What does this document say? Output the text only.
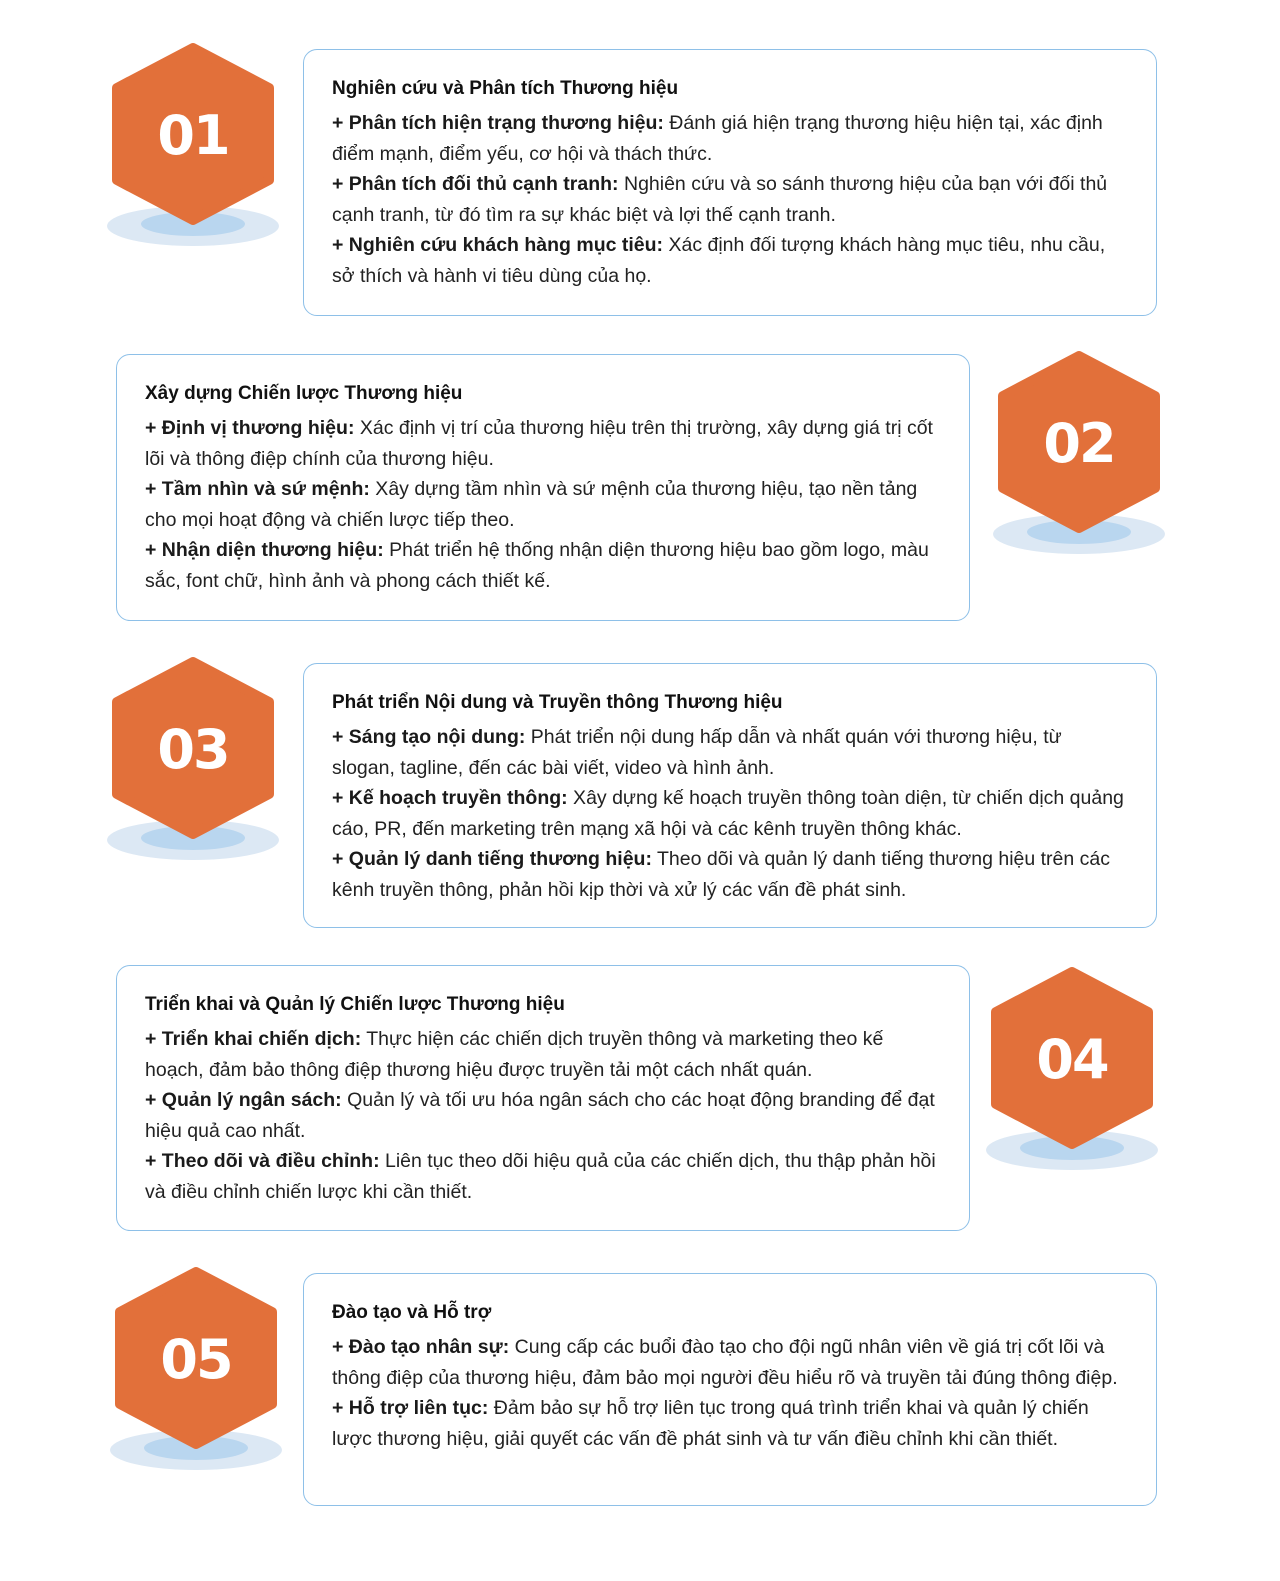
01

Nghiên cứu và Phân tích Thương hiệu

+ Phân tích hiện trạng thương hiệu: Đánh giá hiện trạng thương hiệu hiện tại, xác định điểm mạnh, điểm yếu, cơ hội và thách thức.

+ Phân tích đối thủ cạnh tranh: Nghiên cứu và so sánh thương hiệu của bạn với đối thủ cạnh tranh, từ đó tìm ra sự khác biệt và lợi thế cạnh tranh.

+ Nghiên cứu khách hàng mục tiêu: Xác định đối tượng khách hàng mục tiêu, nhu cầu, sở thích và hành vi tiêu dùng của họ.

Xây dựng Chiến lược Thương hiệu

+ Định vị thương hiệu: Xác định vị trí của thương hiệu trên thị trường, xây dựng giá trị cốt lõi và thông điệp chính của thương hiệu.

+ Tầm nhìn và sứ mệnh: Xây dựng tầm nhìn và sứ mệnh của thương hiệu, tạo nền tảng cho mọi hoạt động và chiến lược tiếp theo.

+ Nhận diện thương hiệu: Phát triển hệ thống nhận diện thương hiệu bao gồm logo, màu sắc, font chữ, hình ảnh và phong cách thiết kế.

02
03

Phát triển Nội dung và Truyền thông Thương hiệu

+ Sáng tạo nội dung: Phát triển nội dung hấp dẫn và nhất quán với thương hiệu, từ slogan, tagline, đến các bài viết, video và hình ảnh.

+ Kế hoạch truyền thông: Xây dựng kế hoạch truyền thông toàn diện, từ chiến dịch quảng cáo, PR, đến marketing trên mạng xã hội và các kênh truyền thông khác.

+ Quản lý danh tiếng thương hiệu: Theo dõi và quản lý danh tiếng thương hiệu trên các kênh truyền thông, phản hồi kịp thời và xử lý các vấn đề phát sinh.

Triển khai và Quản lý Chiến lược Thương hiệu

+ Triển khai chiến dịch: Thực hiện các chiến dịch truyền thông và marketing theo kế hoạch, đảm bảo thông điệp thương hiệu được truyền tải một cách nhất quán.

+ Quản lý ngân sách: Quản lý và tối ưu hóa ngân sách cho các hoạt động branding để đạt hiệu quả cao nhất.

+ Theo dõi và điều chỉnh: Liên tục theo dõi hiệu quả của các chiến dịch, thu thập phản hồi và điều chỉnh chiến lược khi cần thiết.

04
05

Đào tạo và Hỗ trợ

+ Đào tạo nhân sự: Cung cấp các buổi đào tạo cho đội ngũ nhân viên về giá trị cốt lõi và thông điệp của thương hiệu, đảm bảo mọi người đều hiểu rõ và truyền tải đúng thông điệp.

+ Hỗ trợ liên tục: Đảm bảo sự hỗ trợ liên tục trong quá trình triển khai và quản lý chiến lược thương hiệu, giải quyết các vấn đề phát sinh và tư vấn điều chỉnh khi cần thiết.
